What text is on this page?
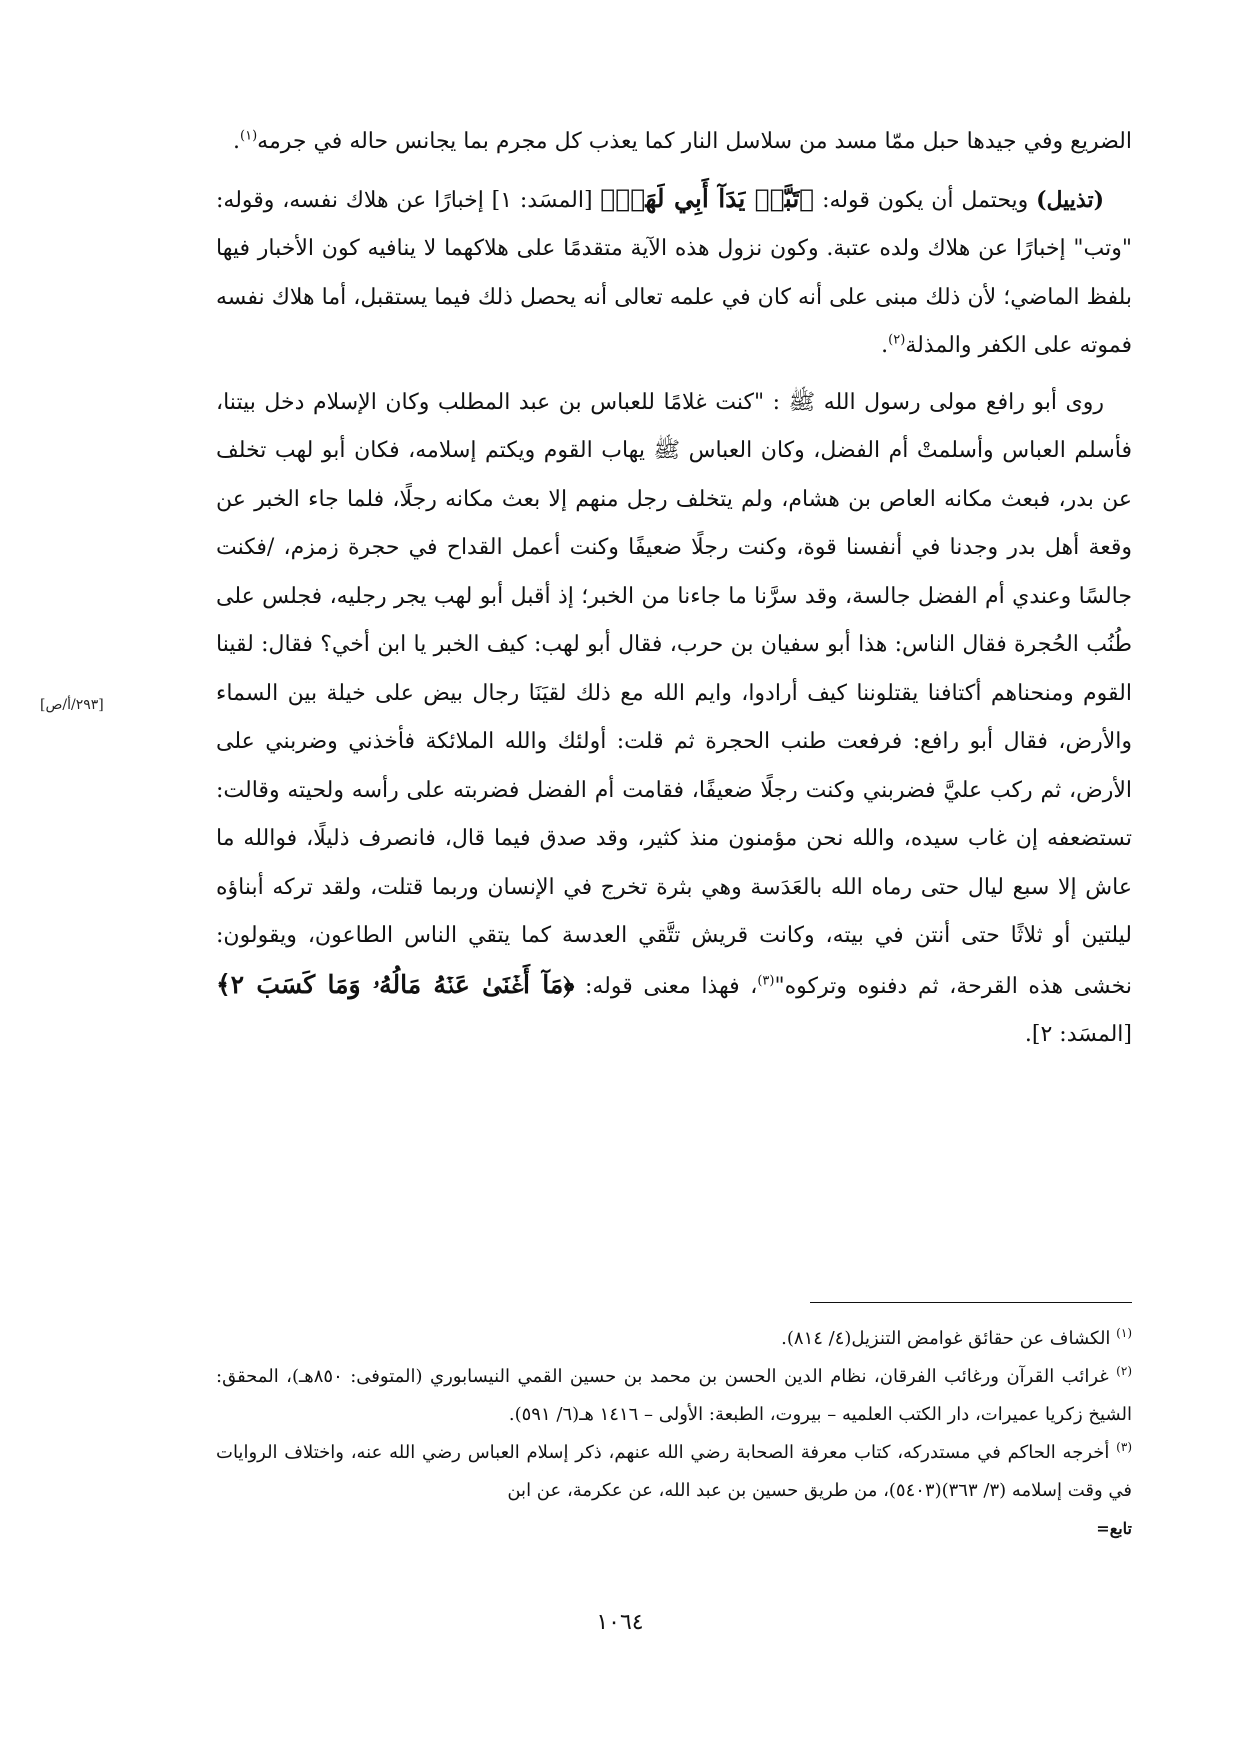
الضريع وفي جيدها حبل ممّا مسد من سلاسل النار كما يعذب كل مجرم بما يجانس حاله في جرمه$^{(١)}$.

(تذييل) ويحتمل أن يكون قوله: ﴿تَبَّتۡ يَدَآ أَبِي لَهَبٖ﴾ [المسَد: ١] إخبارًا عن هلاك نفسه، وقوله: "وتب" إخبارًا عن هلاك ولده عتبة. وكون نزول هذه الآية متقدمًا على هلاكهما لا ينافيه كون الأخبار فيها بلفظ الماضي؛ لأن ذلك مبنى على أنه كان في علمه تعالى أنه يحصل ذلك فيما يستقبل، أما هلاك نفسه فموته على الكفر والمذلة$^{(٢)}$.

روى أبو رافع مولى رسول الله ﷺ : "كنت غلامًا للعباس بن عبد المطلب وكان الإسلام دخل بيتنا، فأسلم العباس وأسلمتْ أم الفضل، وكان العباس ﷺ يهاب القوم ويكتم إسلامه، فكان أبو لهب تخلف عن بدر، فبعث مكانه العاص بن هشام، ولم يتخلف رجل منهم إلا بعث مكانه رجلًا، فلما جاء الخبر عن وقعة أهل بدر وجدنا في أنفسنا قوة، وكنت رجلًا ضعيفًا وكنت أعمل القداح في حجرة زمزم، /فكنت جالسًا وعندي أم الفضل جالسة، وقد سرَّنا ما جاءنا من الخبر؛ إذ أقبل أبو لهب يجر رجليه، فجلس على طُنُب الحُجرة فقال الناس: هذا أبو سفيان بن حرب، فقال أبو لهب: كيف الخبر يا ابن أخي؟ فقال: لقينا القوم ومنحناهم أكتافنا يقتلوننا كيف أرادوا، وايم الله مع ذلك لقيَنَا رجال بيض على خيلة بين السماء والأرض، فقال أبو رافع: فرفعت طنب الحجرة ثم قلت: أولئك والله الملائكة فأخذني وضربني على الأرض، ثم ركب عليَّ فضربني وكنت رجلًا ضعيفًا، فقامت أم الفضل فضربته على رأسه ولحيته وقالت: تستضعفه إن غاب سيده، والله نحن مؤمنون منذ كثير، وقد صدق فيما قال، فانصرف ذليلًا، فوالله ما عاش إلا سبع ليال حتى رماه الله بالعَدَسة وهي بثرة تخرج في الإنسان وربما قتلت، ولقد تركه أبناؤه ليلتين أو ثلاثًا حتى أنتن في بيته، وكانت قريش تتَّقي العدسة كما يتقي الناس الطاعون، ويقولون: نخشى هذه القرحة، ثم دفنوه وتركوه"$^{(٣)}$، فهذا معنى قوله: ﴿مَآ أَغۡنَىٰ عَنۡهُ مَالُهُۥ وَمَا كَسَبَ ٢﴾ [المسَد: ٢].

[٢٩٣/أ/ص]

$^{(١)}$ الكشاف عن حقائق غوامض التنزيل(٤/ ٨١٤).

$^{(٢)}$ غرائب القرآن ورغائب الفرقان، نظام الدين الحسن بن محمد بن حسين القمي النيسابوري (المتوفى: ٨٥٠هـ)، المحقق: الشيخ زكريا عميرات، دار الكتب العلميه – بيروت، الطبعة: الأولى – ١٤١٦ هـ(٦/ ٥٩١).

$^{(٣)}$ أخرجه الحاكم في مستدركه، كتاب معرفة الصحابة رضي الله عنهم، ذكر إسلام العباس رضي الله عنه، واختلاف الروايات في وقت إسلامه (٣/ ٣٦٣)(٥٤٠٣)، من طريق حسين بن عبد الله، عن عكرمة، عن ابن

تابع=
١٠٦٤
